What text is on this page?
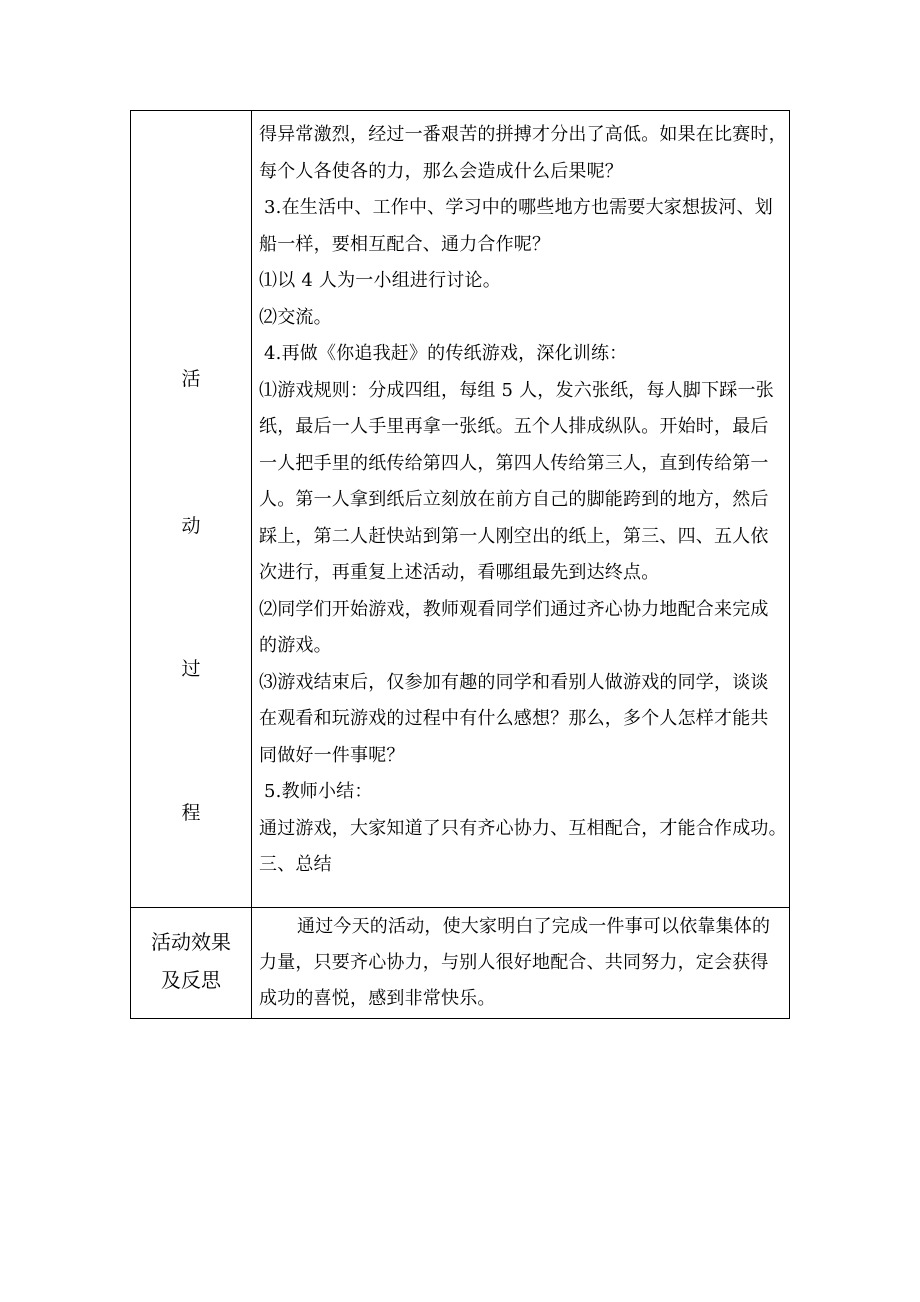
活
动
过
程
得异常激烈，经过一番艰苦的拼搏才分出了高低。如果在比赛时，
每个人各使各的力，那么会造成什么后果呢？
3.在生活中、工作中、学习中的哪些地方也需要大家想拔河、划
船一样，要相互配合、通力合作呢？
⑴以 4 人为一小组进行讨论。
⑵交流。
4.再做《你追我赶》的传纸游戏，深化训练：
⑴游戏规则：分成四组，每组 5 人，发六张纸，每人脚下踩一张
纸，最后一人手里再拿一张纸。五个人排成纵队。开始时，最后
一人把手里的纸传给第四人，第四人传给第三人，直到传给第一
人。第一人拿到纸后立刻放在前方自己的脚能跨到的地方，然后
踩上，第二人赶快站到第一人刚空出的纸上，第三、四、五人依
次进行，再重复上述活动，看哪组最先到达终点。
⑵同学们开始游戏，教师观看同学们通过齐心协力地配合来完成
的游戏。
⑶游戏结束后，仅参加有趣的同学和看别人做游戏的同学，谈谈
在观看和玩游戏的过程中有什么感想？那么，多个人怎样才能共
同做好一件事呢？
5.教师小结：
通过游戏，大家知道了只有齐心协力、互相配合，才能合作成功。
三、总结
活动效果
及反思
通过今天的活动，使大家明白了完成一件事可以依靠集体的
力量，只要齐心协力，与别人很好地配合、共同努力，定会获得
成功的喜悦，感到非常快乐。
